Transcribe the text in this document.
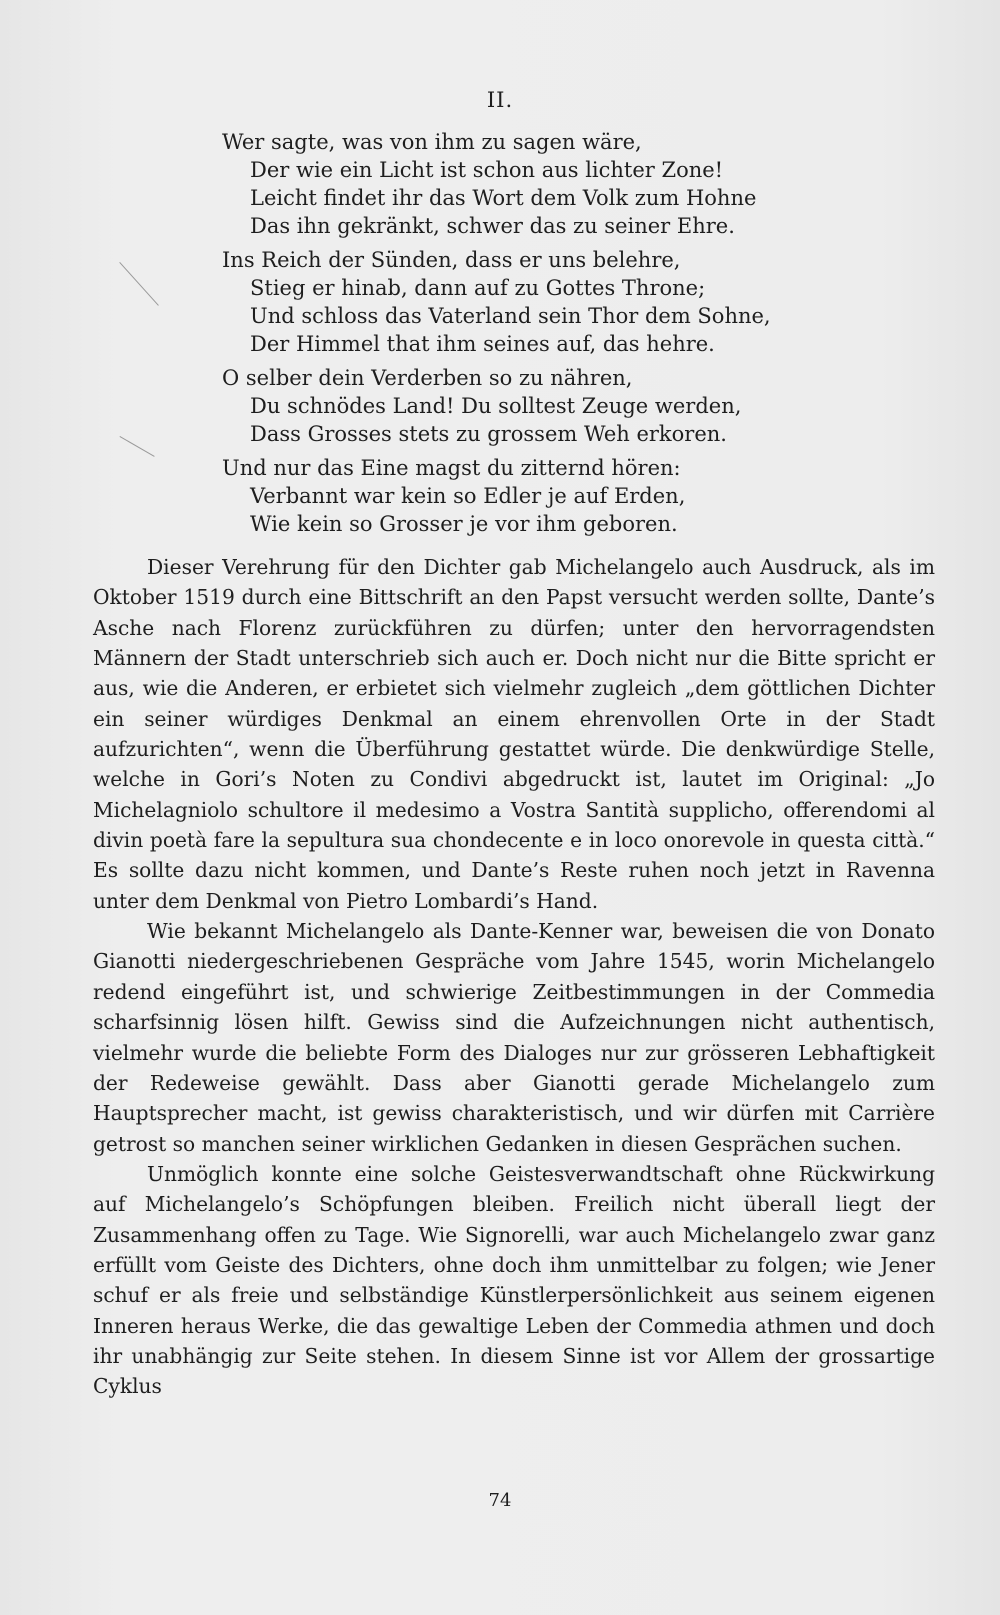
II.
Wer sagte, was von ihm zu sagen wäre,
Der wie ein Licht ist schon aus lichter Zone!
Leicht findet ihr das Wort dem Volk zum Hohne
Das ihn gekränkt, schwer das zu seiner Ehre.
Ins Reich der Sünden, dass er uns belehre,
Stieg er hinab, dann auf zu Gottes Throne;
Und schloss das Vaterland sein Thor dem Sohne,
Der Himmel that ihm seines auf, das hehre.
O selber dein Verderben so zu nähren,
Du schnödes Land! Du solltest Zeuge werden,
Dass Grosses stets zu grossem Weh erkoren.
Und nur das Eine magst du zitternd hören:
Verbannt war kein so Edler je auf Erden,
Wie kein so Grosser je vor ihm geboren.

Dieser Verehrung für den Dichter gab Michelangelo auch Ausdruck, als im Oktober 1519 durch eine Bittschrift an den Papst versucht werden sollte, Dante’s Asche nach Florenz zurückführen zu dürfen; unter den hervorragendsten Männern der Stadt unterschrieb sich auch er. Doch nicht nur die Bitte spricht er aus, wie die Anderen, er erbietet sich vielmehr zugleich „dem göttlichen Dichter ein seiner würdiges Denkmal an einem ehrenvollen Orte in der Stadt aufzurichten“, wenn die Überführung gestattet würde. Die denkwürdige Stelle, welche in Gori’s Noten zu Condivi abgedruckt ist, lautet im Original: „Jo Michelagniolo schultore il medesimo a Vostra Santità supplicho, offerendomi al divin poetà fare la sepultura sua chondecente e in loco onorevole in questa città.“ Es sollte dazu nicht kommen, und Dante’s Reste ruhen noch jetzt in Ravenna unter dem Denkmal von Pietro Lombardi’s Hand.

Wie bekannt Michelangelo als Dante-Kenner war, beweisen die von Donato Gianotti niedergeschriebenen Gespräche vom Jahre 1545, worin Michelangelo redend eingeführt ist, und schwierige Zeitbestimmungen in der Commedia scharfsinnig lösen hilft. Gewiss sind die Aufzeichnungen nicht authentisch, vielmehr wurde die beliebte Form des Dialoges nur zur grösseren Lebhaftigkeit der Redeweise gewählt. Dass aber Gianotti gerade Michelangelo zum Hauptsprecher macht, ist gewiss charakteristisch, und wir dürfen mit Carrière getrost so manchen seiner wirklichen Gedanken in diesen Gesprächen suchen.

Unmöglich konnte eine solche Geistesverwandtschaft ohne Rückwirkung auf Michelangelo’s Schöpfungen bleiben. Freilich nicht überall liegt der Zusammenhang offen zu Tage. Wie Signorelli, war auch Michelangelo zwar ganz erfüllt vom Geiste des Dichters, ohne doch ihm unmittelbar zu folgen; wie Jener schuf er als freie und selbständige Künstlerpersönlichkeit aus seinem eigenen Inneren heraus Werke, die das gewaltige Leben der Commedia athmen und doch ihr unabhängig zur Seite stehen. In diesem Sinne ist vor Allem der grossartige Cyklus

74
